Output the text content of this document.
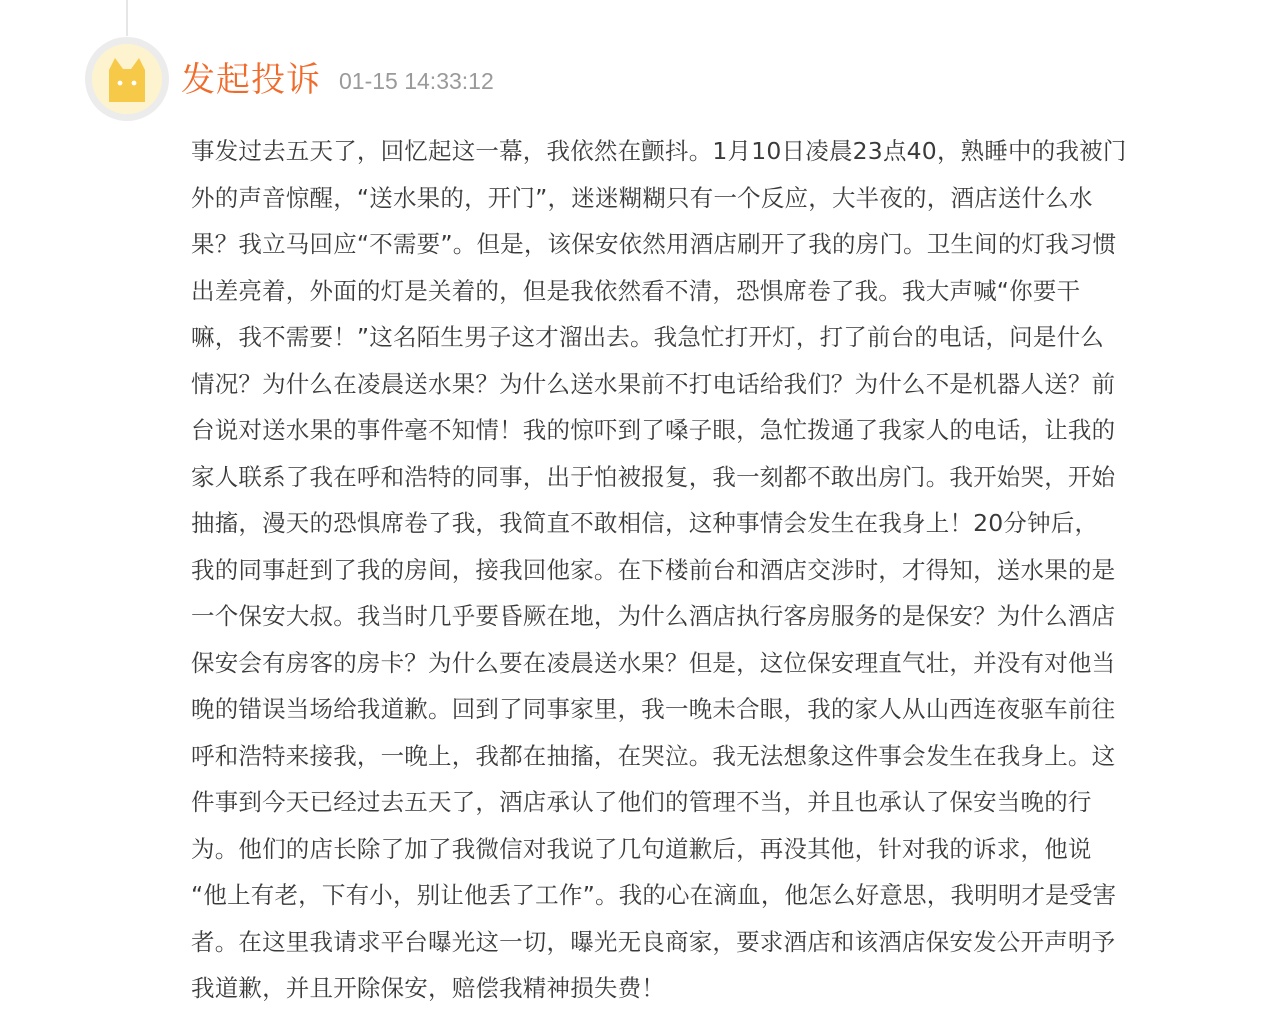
发起投诉 01-15 14:33:12
事发过去五天了，回忆起这一幕，我依然在颤抖。1月10日凌晨23点40，熟睡中的我被门
外的声音惊醒，“送水果的，开门”，迷迷糊糊只有一个反应，大半夜的，酒店送什么水
果？我立马回应“不需要”。但是，该保安依然用酒店刷开了我的房门。卫生间的灯我习惯
出差亮着，外面的灯是关着的，但是我依然看不清，恐惧席卷了我。我大声喊“你要干
嘛，我不需要！”这名陌生男子这才溜出去。我急忙打开灯，打了前台的电话，问是什么
情况？为什么在凌晨送水果？为什么送水果前不打电话给我们？为什么不是机器人送？前
台说对送水果的事件毫不知情！我的惊吓到了嗓子眼，急忙拨通了我家人的电话，让我的
家人联系了我在呼和浩特的同事，出于怕被报复，我一刻都不敢出房门。我开始哭，开始
抽搐，漫天的恐惧席卷了我，我简直不敢相信，这种事情会发生在我身上！20分钟后，
我的同事赶到了我的房间，接我回他家。在下楼前台和酒店交涉时，才得知，送水果的是
一个保安大叔。我当时几乎要昏厥在地，为什么酒店执行客房服务的是保安？为什么酒店
保安会有房客的房卡？为什么要在凌晨送水果？但是，这位保安理直气壮，并没有对他当
晚的错误当场给我道歉。回到了同事家里，我一晚未合眼，我的家人从山西连夜驱车前往
呼和浩特来接我，一晚上，我都在抽搐，在哭泣。我无法想象这件事会发生在我身上。这
件事到今天已经过去五天了，酒店承认了他们的管理不当，并且也承认了保安当晚的行
为。他们的店长除了加了我微信对我说了几句道歉后，再没其他，针对我的诉求，他说
“他上有老，下有小，别让他丢了工作”。我的心在滴血，他怎么好意思，我明明才是受害
者。在这里我请求平台曝光这一切，曝光无良商家，要求酒店和该酒店保安发公开声明予
我道歉，并且开除保安，赔偿我精神损失费！
